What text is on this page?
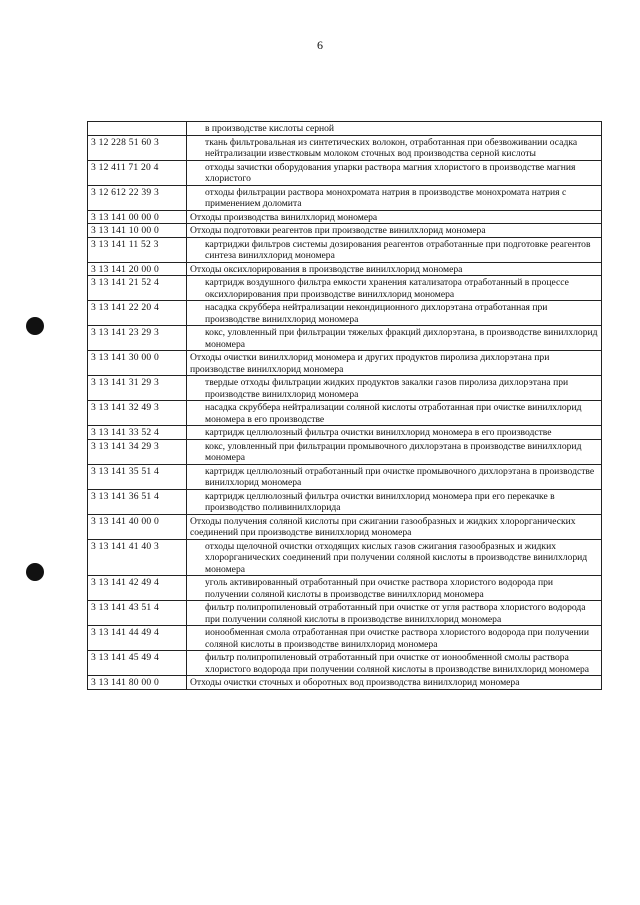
6
	в производстве кислоты серной
3 12 228 51 60 3	ткань фильтровальная из синтетических волокон, отработанная при обезвоживании осадка нейтрализации известковым молоком сточных вод производства серной кислоты
3 12 411 71 20 4	отходы зачистки оборудования упарки раствора магния хлористого в производстве магния хлористого
3 12 612 22 39 3	отходы фильтрации раствора монохромата натрия в производстве монохромата натрия с применением доломита
3 13 141 00 00 0	Отходы производства винилхлорид мономера
3 13 141 10 00 0	Отходы подготовки реагентов при производстве винилхлорид мономера
3 13 141 11 52 3	картриджи фильтров системы дозирования реагентов отработанные при подготовке реагентов синтеза винилхлорид мономера
3 13 141 20 00 0	Отходы оксихлорирования в производстве винилхлорид мономера
3 13 141 21 52 4	картридж воздушного фильтра емкости хранения катализатора отработанный в процессе оксихлорирования при производстве винилхлорид мономера
3 13 141 22 20 4	насадка скруббера нейтрализации некондиционного дихлорэтана отработанная при производстве винилхлорид мономера
3 13 141 23 29 3	кокс, уловленный при фильтрации тяжелых фракций дихлорэтана, в производстве винилхлорид мономера
3 13 141 30 00 0	Отходы очистки винилхлорид мономера и других продуктов пиролиза дихлорэтана при производстве винилхлорид мономера
3 13 141 31 29 3	твердые отходы фильтрации жидких продуктов закалки газов пиролиза дихлорэтана при производстве винилхлорид мономера
3 13 141 32 49 3	насадка скруббера нейтрализации соляной кислоты отработанная при очистке винилхлорид мономера в его производстве
3 13 141 33 52 4	картридж целлюлозный фильтра очистки винилхлорид мономера в его производстве
3 13 141 34 29 3	кокс, уловленный при фильтрации промывочного дихлорэтана в производстве винилхлорид мономера
3 13 141 35 51 4	картридж целлюлозный отработанный при очистке промывочного дихлорэтана в производстве винилхлорид мономера
3 13 141 36 51 4	картридж целлюлозный фильтра очистки винилхлорид мономера при его перекачке в производство поливинилхлорида
3 13 141 40 00 0	Отходы получения соляной кислоты при сжигании газообразных и жидких хлорорганических соединений при производстве винилхлорид мономера
3 13 141 41 40 3	отходы щелочной очистки отходящих кислых газов сжигания газообразных и жидких хлорорганических соединений при получении соляной кислоты в производстве винилхлорид мономера
3 13 141 42 49 4	уголь активированный отработанный при очистке раствора хлористого водорода при получении соляной кислоты в производстве винилхлорид мономера
3 13 141 43 51 4	фильтр полипропиленовый отработанный при очистке от угля раствора хлористого водорода при получении соляной кислоты в производстве винилхлорид мономера
3 13 141 44 49 4	ионообменная смола отработанная при очистке раствора хлористого водорода при получении соляной кислоты в производстве винилхлорид мономера
3 13 141 45 49 4	фильтр полипропиленовый отработанный при очистке от ионообменной смолы раствора хлористого водорода при получении соляной кислоты в производстве винилхлорид мономера
3 13 141 80 00 0	Отходы очистки сточных и оборотных вод производства винилхлорид мономера
